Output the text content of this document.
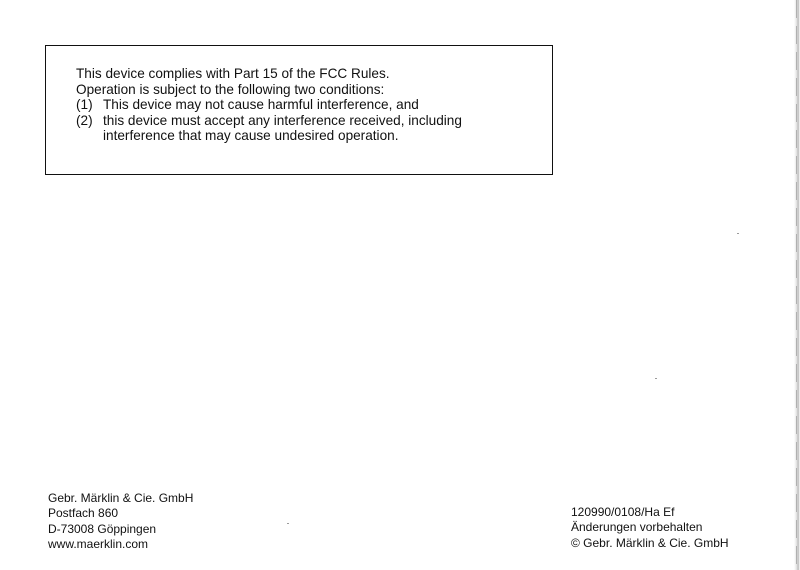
This device complies with Part 15 of the FCC Rules.
Operation is subject to the following two conditions:
(1) This device may not cause harmful interference, and
(2) this device must accept any interference received, including
interference that may cause undesired operation.
Gebr. Märklin & Cie. GmbH
Postfach 860
D-73008 Göppingen
www.maerklin.com
120990/0108/Ha Ef
Änderungen vorbehalten
© Gebr. Märklin & Cie. GmbH
